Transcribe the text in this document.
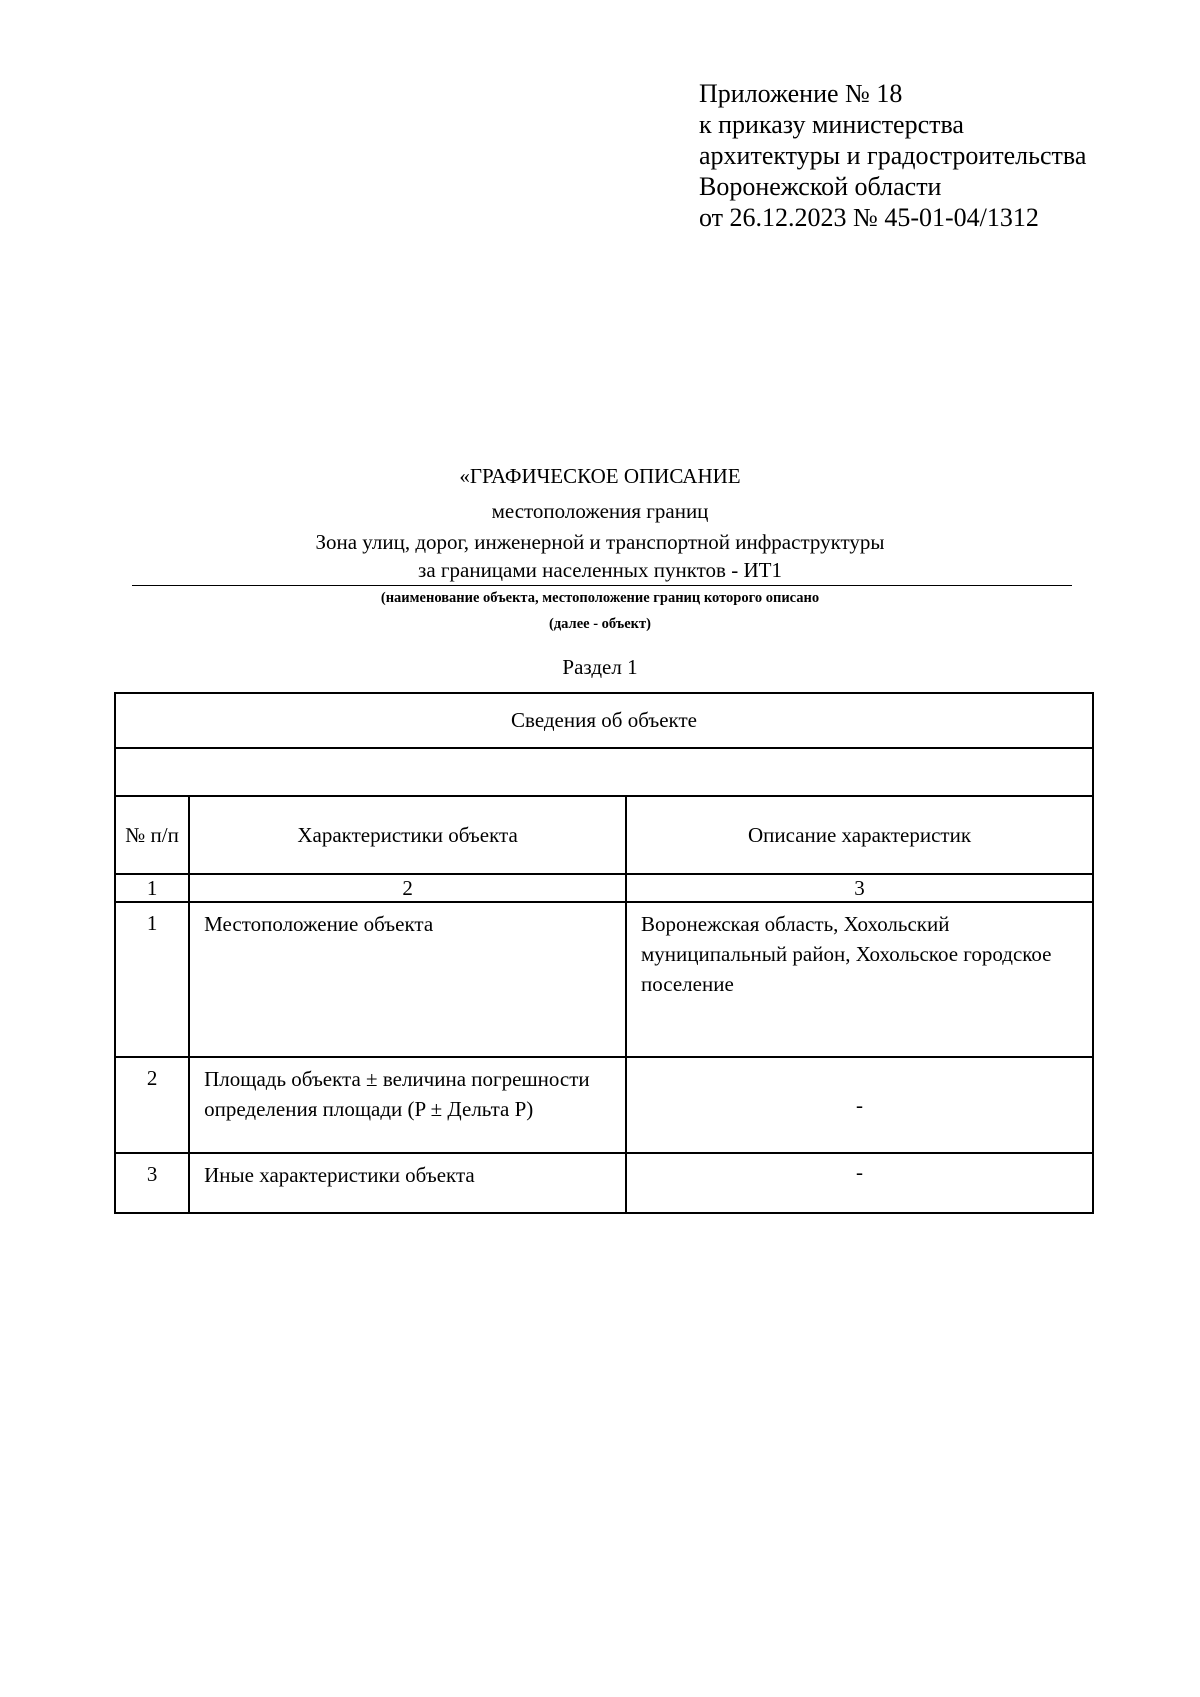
Приложение № 18
к приказу министерства
архитектуры и градостроительства
Воронежской области
от 26.12.2023 № 45-01-04/1312
«ГРАФИЧЕСКОЕ ОПИСАНИЕ
местоположения границ
Зона улиц, дорог, инженерной и транспортной инфраструктуры
за границами населенных пунктов - ИТ1
(наименование объекта, местоположение границ которого описано
(далее - объект)
Раздел 1
Сведения об объекте		

№ п/п	Характеристики объекта	Описание характеристик
1	2	3
1	Местоположение объекта	Воронежская область, Хохольский муниципальный район, Хохольское городское поселение
2	Площадь объекта ± величина погрешности определения площади (P ± Дельта P)	-
3	Иные характеристики объекта	-
